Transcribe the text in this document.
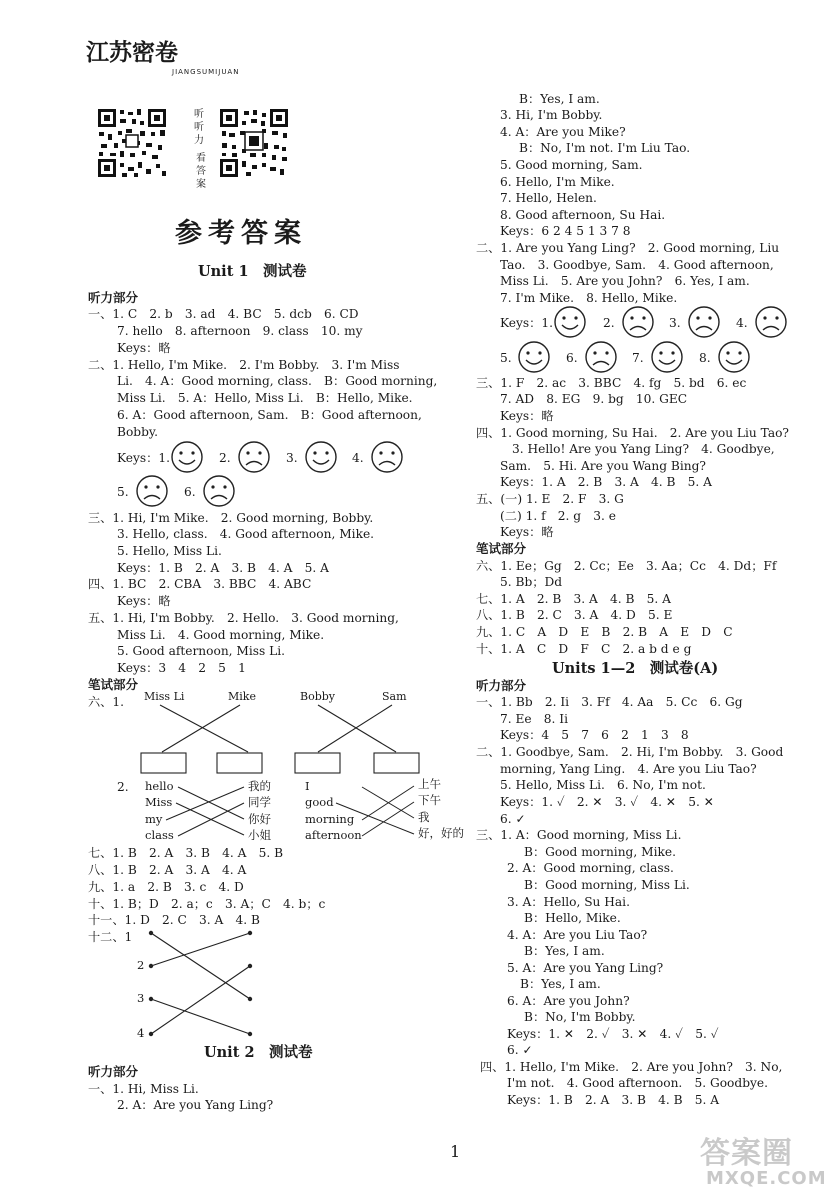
江苏密卷
JIANGSUMIJUAN
听听力
看答案
参考答案
Unit 1　测试卷
听力部分
一、1. C　2. b　3. ad　4. BC　5. dcb　6. CD
7. hello　8. afternoon　9. class　10. my
Keys：略
二、1. Hello, I'm Mike.　2. I'm Bobby.　3. I'm Miss
Li.　4. A：Good morning, class.　B：Good morning,
Miss Li.　5. A：Hello, Miss Li.　B：Hello, Mike.
6. A：Good afternoon, Sam.　B：Good afternoon,
Bobby.
Keys：1.	2.	3.	4.
5.	6.
三、1. Hi, I'm Mike.　2. Good morning, Bobby.
3. Hello, class.　4. Good afternoon, Mike.
5. Hello, Miss Li.
Keys：1. B　2. A　3. B　4. A　5. A
四、1. BC　2. CBA　3. BBC　4. ABC
Keys：略
五、1. Hi, I'm Bobby.　2. Hello.　3. Good morning,
Miss Li.　4. Good morning, Mike.
5. Good afternoon, Miss Li.
Keys：3　4　2　5　1
笔试部分
六、1. Miss Li	Mike	Bobby	Sam
2. hello
Miss
my
class
我的
同学
你好
小姐
I
good
morning
afternoon
上午
下午
我
好，好的
七、1. B　2. A　3. B　4. A　5. B
八、1. B　2. A　3. A　4. A
九、1. a　2. B　3. c　4. D
十、1. B；D　2. a；c　3. A；C　4. b；c
十一、1. D　2. C　3. A　4. B
十二、1
2
3
4
Unit 2　测试卷
听力部分
一、1. Hi, Miss Li.
2. A：Are you Yang Ling?
B：Yes, I am.
3. Hi, I'm Bobby.
4. A：Are you Mike?
B：No, I'm not. I'm Liu Tao.
5. Good morning, Sam.
6. Hello, I'm Mike.
7. Hello, Helen.
8. Good afternoon, Su Hai.
Keys：6 2 4 5 1 3 7 8
二、1. Are you Yang Ling?　2. Good morning, Liu
Tao.　3. Goodbye, Sam.　4. Good afternoon,
Miss Li.　5. Are you John?　6. Yes, I am.
7. I'm Mike.　8. Hello, Mike.
Keys：1.	2.	3.	4.
5.	6.	7.	8.
三、1. F　2. ac　3. BBC　4. fg　5. bd　6. ec
7. AD　8. EG　9. bg　10. GEC
Keys：略
四、1. Good morning, Su Hai.　2. Are you Liu Tao?
3. Hello! Are you Yang Ling?　4. Goodbye,
Sam.　5. Hi. Are you Wang Bing?
Keys：1. A　2. B　3. A　4. B　5. A
五、(一) 1. E　2. F　3. G
(二) 1. f　2. g　3. e
Keys：略
笔试部分
六、1. Ee；Gg　2. Cc；Ee　3. Aa；Cc　4. Dd；Ff
5. Bb；Dd
七、1. A　2. B　3. A　4. B　5. A
八、1. B　2. C　3. A　4. D　5. E
九、1. C　A　D　E　B　2. B　A　E　D　C
十、1. A　C　D　F　C　2. a b d e g
Units 1—2　测试卷(A)
听力部分
一、1. Bb　2. Ii　3. Ff　4. Aa　5. Cc　6. Gg
7. Ee　8. Ii
Keys：4　5　7　6　2　1　3　8
二、1. Goodbye, Sam.　2. Hi, I'm Bobby.　3. Good
morning, Yang Ling.　4. Are you Liu Tao?
5. Hello, Miss Li.　6. No, I'm not.
Keys：1. ✓　2. ✕　3. ✓　4. ✕　5. ✕
6. ✓
三、1. A：Good morning, Miss Li.
B：Good morning, Mike.
2. A：Good morning, class.
B：Good morning, Miss Li.
3. A：Hello, Su Hai.
B：Hello, Mike.
4. A：Are you Liu Tao?
B：Yes, I am.
5. A：Are you Yang Ling?
B：Yes, I am.
6. A：Are you John?
B：No, I'm Bobby.
Keys：1. ✕　2. ✓　3. ✕　4. ✓　5. ✓
6. ✓
四、1. Hello, I'm Mike.　2. Are you John?　3. No,
I'm not.　4. Good afternoon.　5. Goodbye.
Keys：1. B　2. A　3. B　4. B　5. A
1	答案圈
MXQE.COM
